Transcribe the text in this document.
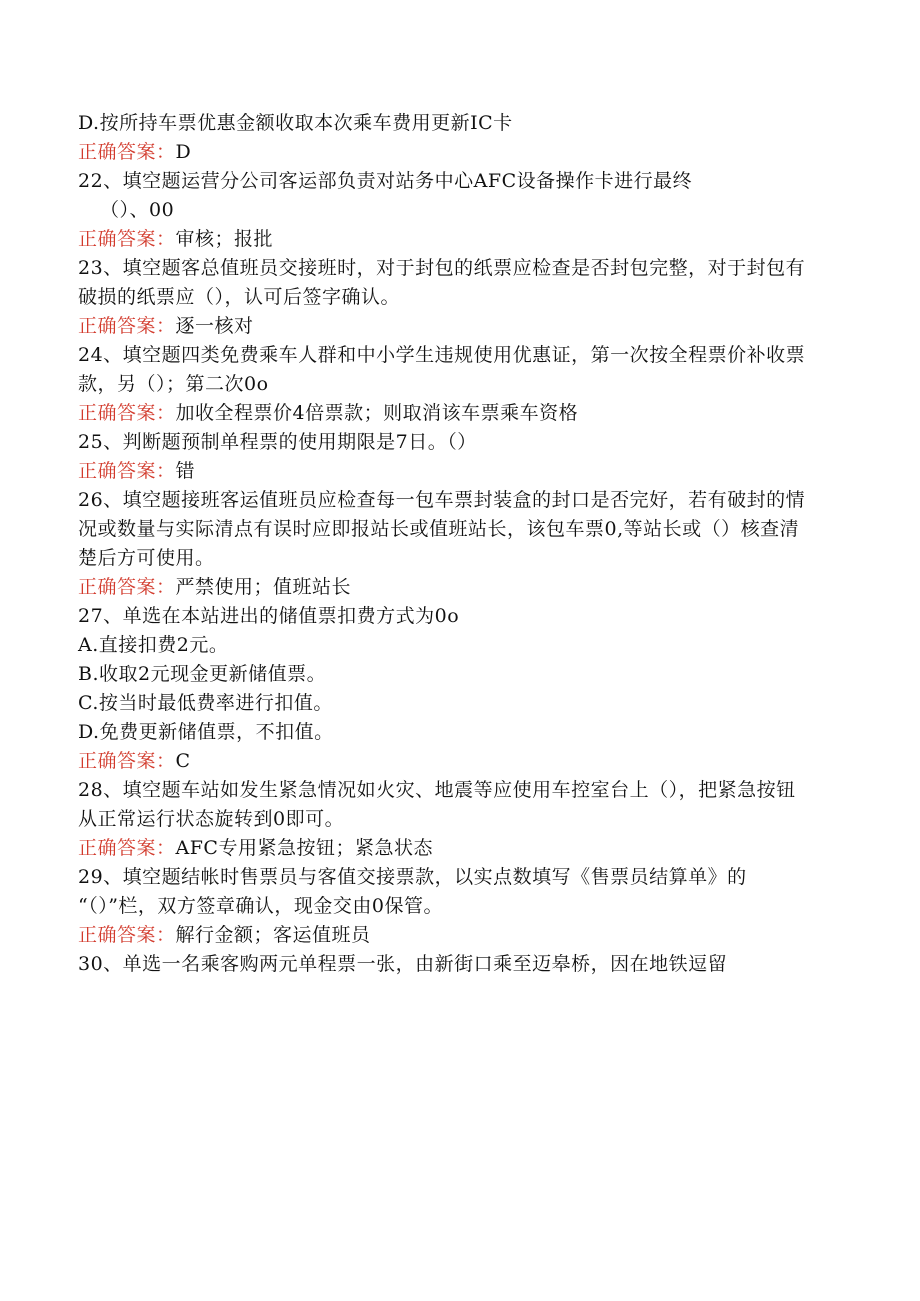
D.按所持车票优惠金额收取本次乘车费用更新IC卡
正确答案：D
22、填空题运营分公司客运部负责对站务中心AFC设备操作卡进行最终
（）、00
正确答案：审核；报批
23、填空题客总值班员交接班时，对于封包的纸票应检查是否封包完整，对于封包有
破损的纸票应（），认可后签字确认。
正确答案：逐一核对
24、填空题四类免费乘车人群和中小学生违规使用优惠证，第一次按全程票价补收票
款，另（）；第二次0o
正确答案：加收全程票价4倍票款；则取消该车票乘车资格
25、判断题预制单程票的使用期限是7日。（）
正确答案：错
26、填空题接班客运值班员应检查每一包车票封装盒的封口是否完好，若有破封的情
况或数量与实际清点有误时应即报站长或值班站长，该包车票0,等站长或（）核查清
楚后方可使用。
正确答案：严禁使用；值班站长
27、单选在本站进出的储值票扣费方式为0o
A.直接扣费2元。
B.收取2元现金更新储值票。
C.按当时最低费率进行扣值。
D.免费更新储值票，不扣值。
正确答案：C
28、填空题车站如发生紧急情况如火灾、地震等应使用车控室台上（），把紧急按钮
从正常运行状态旋转到0即可。
正确答案：AFC专用紧急按钮；紧急状态
29、填空题结帐时售票员与客值交接票款，以实点数填写《售票员结算单》的
“（）”栏，双方签章确认，现金交由0保管。
正确答案：解行金额；客运值班员
30、单选一名乘客购两元单程票一张，由新街口乘至迈皋桥，因在地铁逗留
